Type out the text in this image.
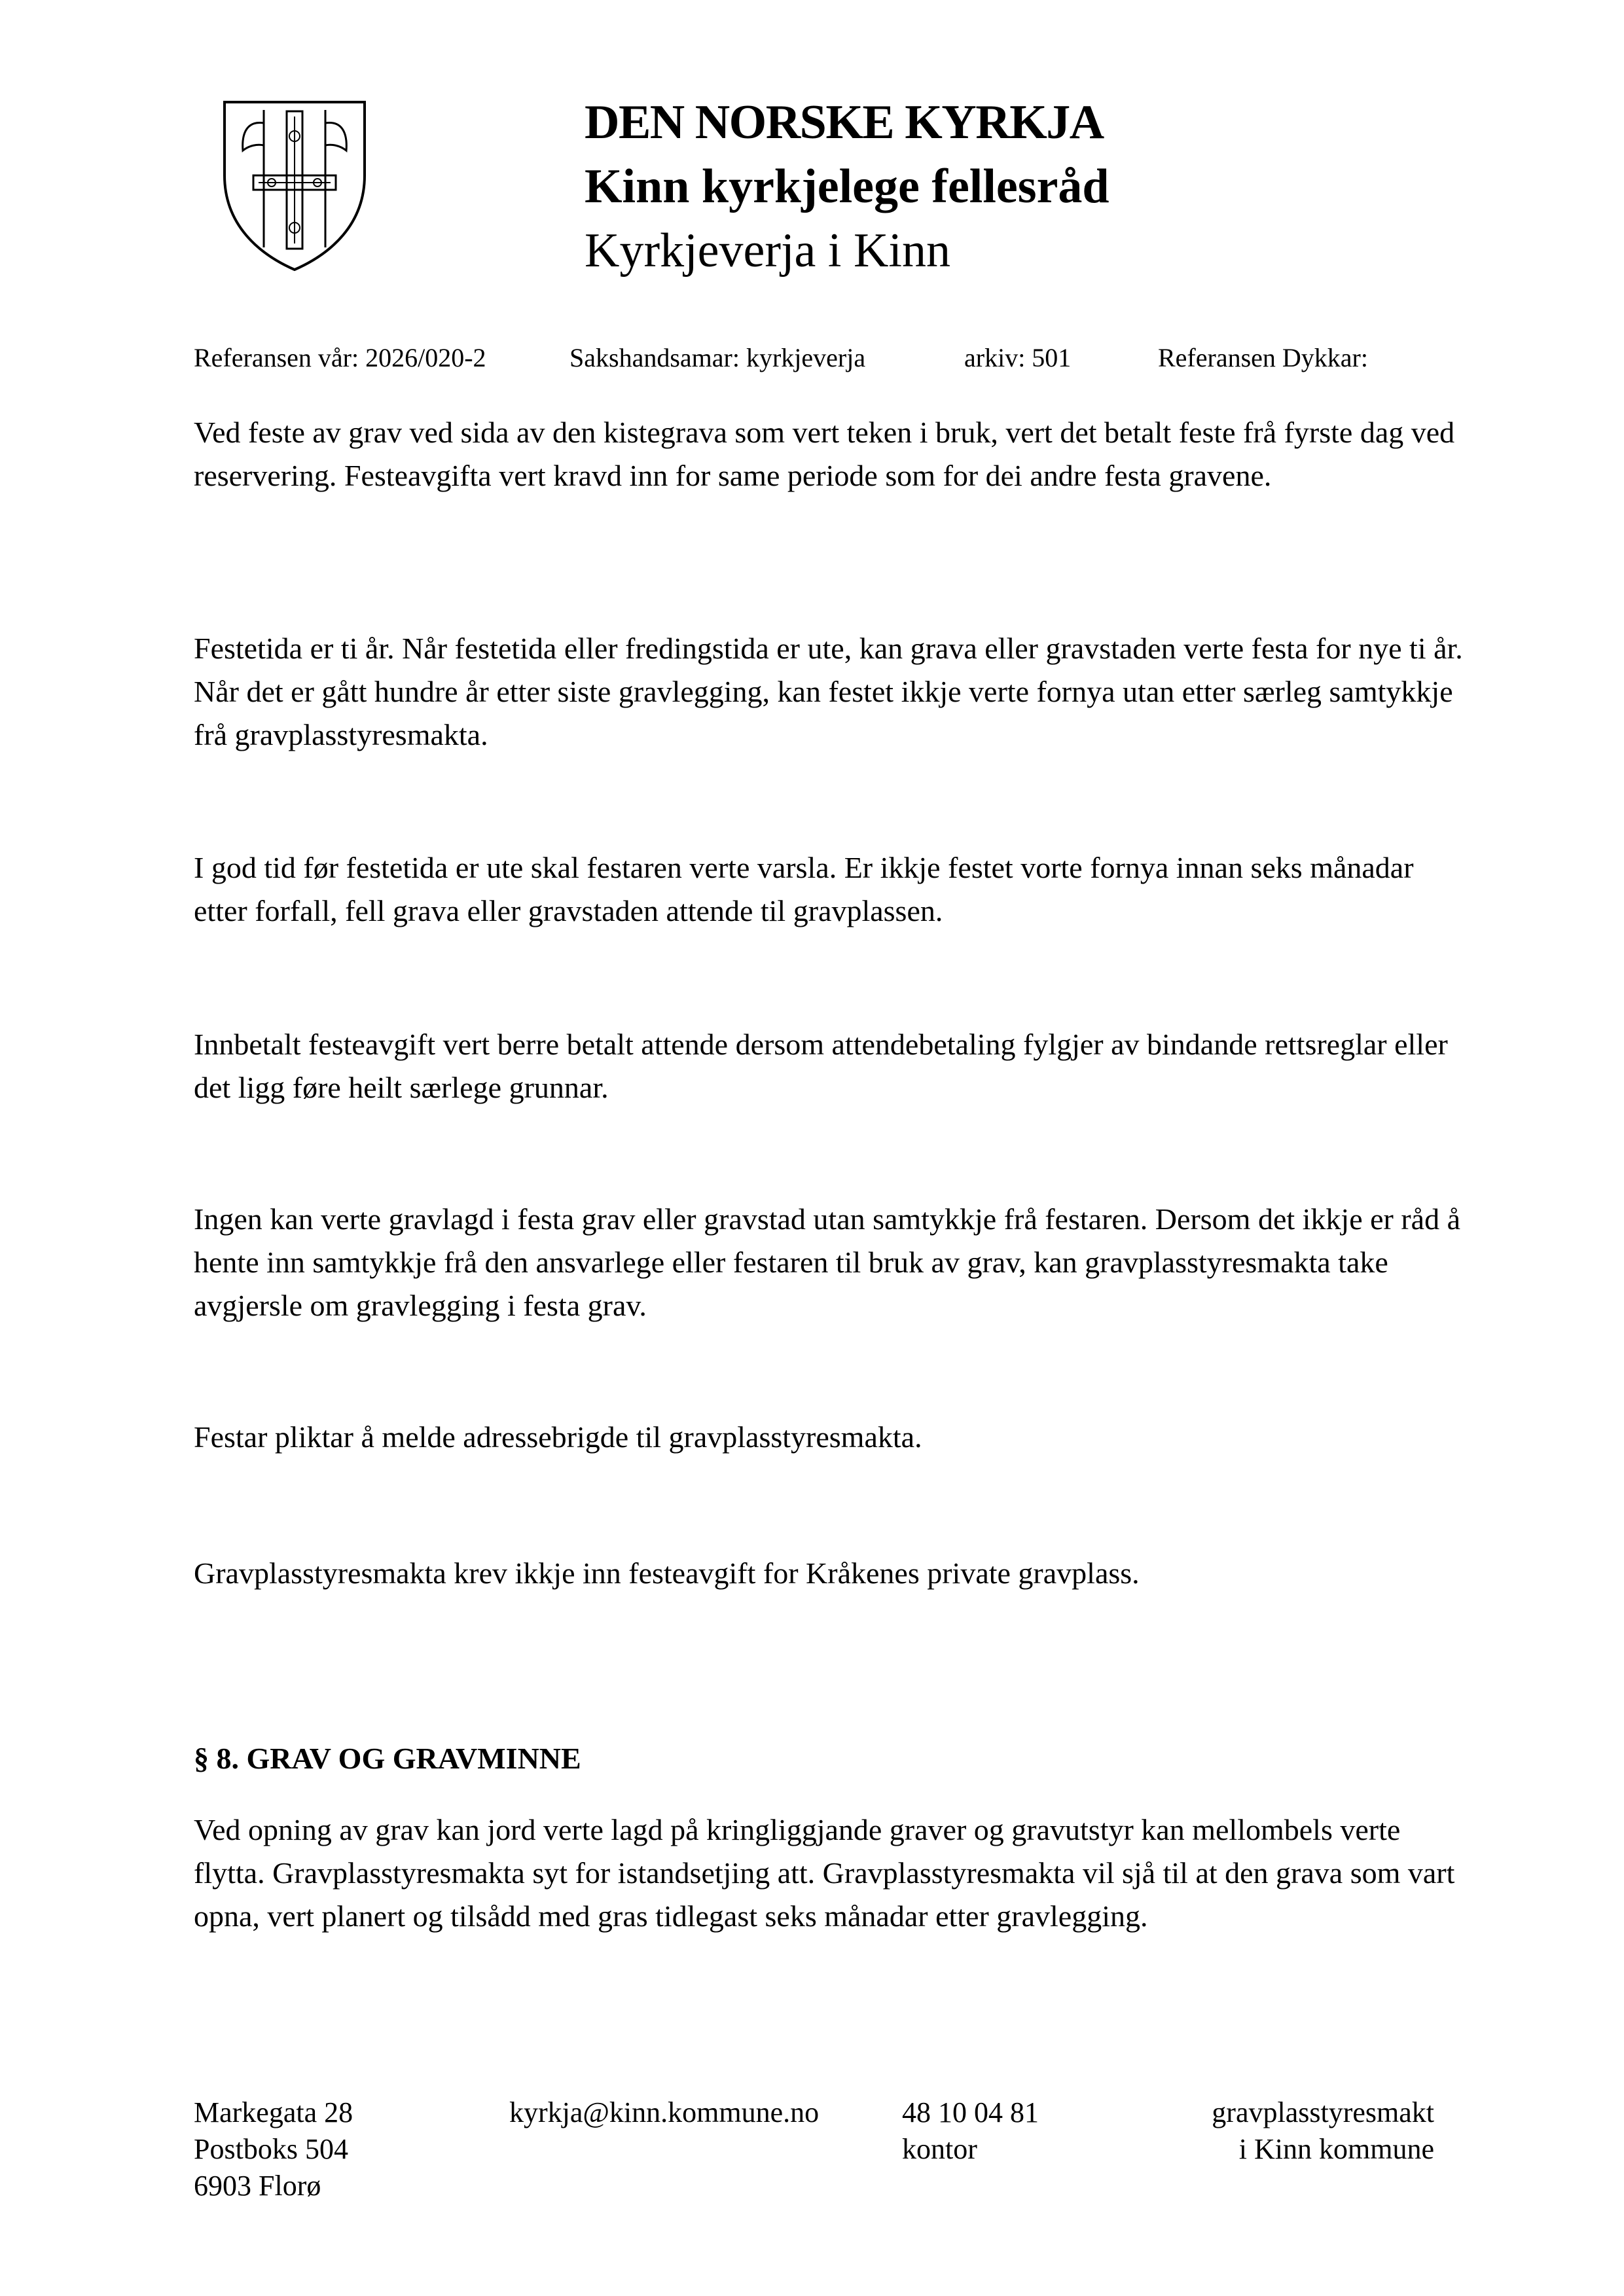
DEN NORSKE KYRKJA
Kinn kyrkjelege fellesråd
Kyrkjeverja i Kinn
Referansen vår: 2026/020-2	Sakshandsamar: kyrkjeverja	arkiv: 501	Referansen Dykkar:

Ved feste av grav ved sida av den kistegrava som vert teken i bruk, vert det betalt feste frå fyrste dag ved reservering. Festeavgifta vert kravd inn for same periode som for dei andre festa gravene.

Festetida er ti år. Når festetida eller fredingstida er ute, kan grava eller gravstaden verte festa for nye ti år. Når det er gått hundre år etter siste gravlegging, kan festet ikkje verte fornya utan etter særleg samtykkje frå gravplasstyresmakta.

I god tid før festetida er ute skal festaren verte varsla. Er ikkje festet vorte fornya innan seks månadar etter forfall, fell grava eller gravstaden attende til gravplassen.

Innbetalt festeavgift vert berre betalt attende dersom attendebetaling fylgjer av bindande rettsreglar eller det ligg føre heilt særlege grunnar.

Ingen kan verte gravlagd i festa grav eller gravstad utan samtykkje frå festaren. Dersom det ikkje er råd å hente inn samtykkje frå den ansvarlege eller festaren til bruk av grav, kan gravplasstyresmakta take avgjersle om gravlegging i festa grav.

Festar pliktar å melde adressebrigde til gravplasstyresmakta.

Gravplasstyresmakta krev ikkje inn festeavgift for Kråkenes private gravplass.

§ 8. GRAV OG GRAVMINNE

Ved opning av grav kan jord verte lagd på kringliggjande graver og gravutstyr kan mellombels verte flytta. Gravplasstyresmakta syt for istandsetjing att. Gravplasstyresmakta vil sjå til at den grava som vart opna, vert planert og tilsådd med gras tidlegast seks månadar etter gravlegging.

Markegata 28
Postboks 504
6903 Florø
kyrkja@kinn.kommune.no	48 10 04 81
kontor
gravplasstyresmakt
i Kinn kommune
